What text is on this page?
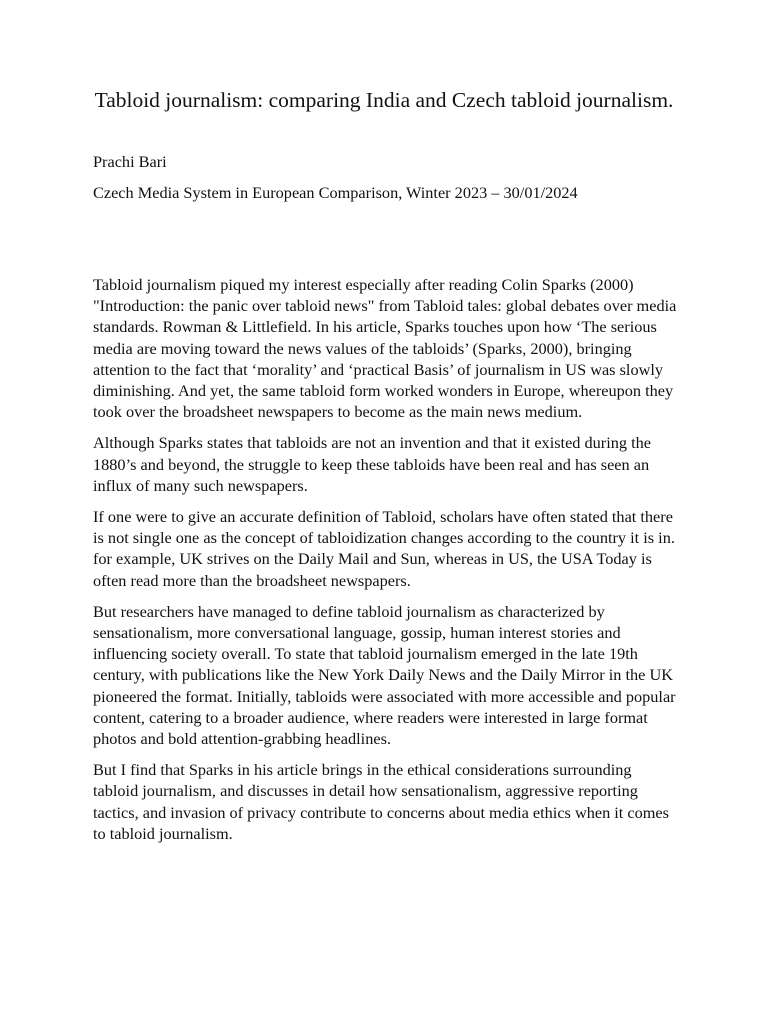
Tabloid journalism: comparing India and Czech tabloid journalism.

Prachi Bari

Czech Media System in European Comparison, Winter 2023 – 30/01/2024

Tabloid journalism piqued my interest especially after reading Colin Sparks (2000) "Introduction: the panic over tabloid news" from Tabloid tales: global debates over media standards. Rowman & Littlefield. In his article, Sparks touches upon how ‘The serious media are moving toward the news values of the tabloids’ (Sparks, 2000), bringing attention to the fact that ‘morality’ and ‘practical Basis’ of journalism in US was slowly diminishing. And yet, the same tabloid form worked wonders in Europe, whereupon they took over the broadsheet newspapers to become as the main news medium.

Although Sparks states that tabloids are not an invention and that it existed during the 1880’s and beyond, the struggle to keep these tabloids have been real and has seen an influx of many such newspapers.

If one were to give an accurate definition of Tabloid, scholars have often stated that there is not single one as the concept of tabloidization changes according to the country it is in. for example, UK strives on the Daily Mail and Sun, whereas in US, the USA Today is often read more than the broadsheet newspapers.

But researchers have managed to define tabloid journalism as characterized by sensationalism, more conversational language, gossip, human interest stories and influencing society overall. To state that tabloid journalism emerged in the late 19th century, with publications like the New York Daily News and the Daily Mirror in the UK pioneered the format. Initially, tabloids were associated with more accessible and popular content, catering to a broader audience, where readers were interested in large format photos and bold attention-grabbing headlines.

But I find that Sparks in his article brings in the ethical considerations surrounding tabloid journalism, and discusses in detail how sensationalism, aggressive reporting tactics, and invasion of privacy contribute to concerns about media ethics when it comes to tabloid journalism.
